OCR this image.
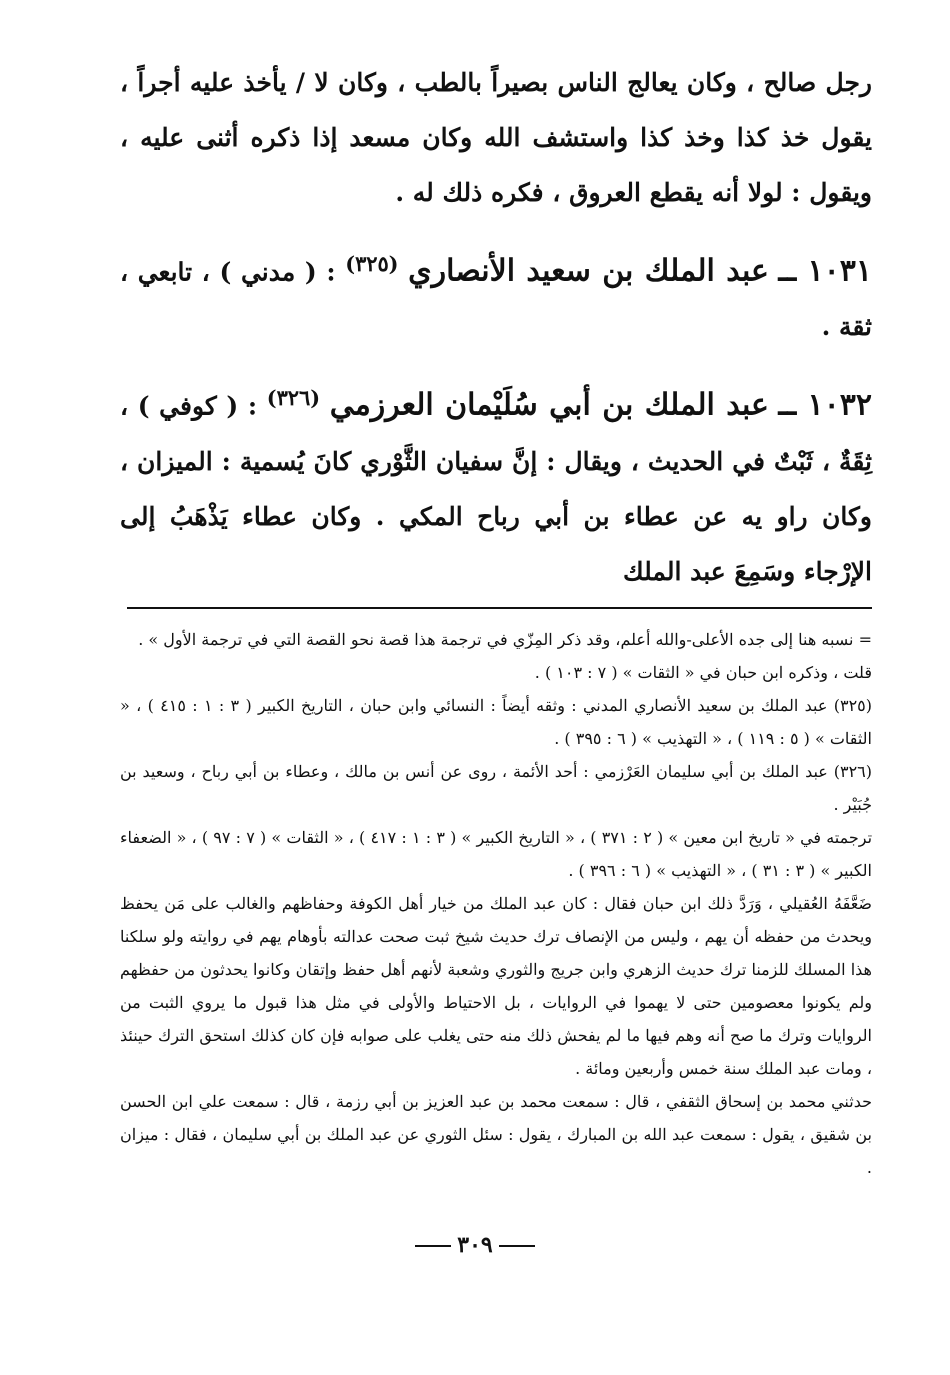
رجل صالح ، وكان يعالج الناس بصيراً بالطب ، وكان لا / يأخذ عليه أجراً ، يقول خذ كذا وخذ كذا واستشف الله وكان مسعد إذا ذكره أثنى عليه ، ويقول : لولا أنه يقطع العروق ، فكره ذلك له .

١٠٣١ ــ عبد الملك بن سعيد الأنصاري $^{(٣٢٥)}$ : ( مدني ) ، تابعي ، ثقة .

١٠٣٢ ــ عبد الملك بن أبي سُلَيْمان العرزمي $^{(٣٢٦)}$ : ( كوفي ) ، ثِقَةٌ ، ثَبْتٌ في الحديث ، ويقال : إنَّ سفيان الثَّوْري كانَ يُسمية : الميزان ، وكان راو يه عن عطاء بن أبي رباح المكي . وكان عطاء يَذْهَبُ إلى الإرْجاء وسَمِعَ عبد الملك

= نسبه هنا إلى جده الأعلى-والله أعلم، وقد ذكر المِزّي في ترجمة هذا قصة نحو القصة التي في ترجمة الأول » .

قلت ، وذكره ابن حبان في « الثقات » ( ٧ : ١٠٣ ) .

(٣٢٥) عبد الملك بن سعيد الأنصاري المدني : وثقه أيضاً : النسائي وابن حبان ، التاريخ الكبير ( ٣ : ١ : ٤١٥ ) ، « الثقات » ( ٥ : ١١٩ ) ، « التهذيب » ( ٦ : ٣٩٥ ) .

(٣٢٦) عبد الملك بن أبي سليمان العَرْزمي : أحد الأئمة ، روى عن أنس بن مالك ، وعطاء بن أبي رباح ، وسعيد بن جُبَيْر .

ترجمته في « تاريخ ابن معين » ( ٢ : ٣٧١ ) ، « التاريخ الكبير » ( ٣ : ١ : ٤١٧ ) ، « الثقات » ( ٧ : ٩٧ ) ، « الضعفاء الكبير » ( ٣ : ٣١ ) ، « التهذيب » ( ٦ : ٣٩٦ ) .

ضَعَّفَهُ العُقيلي ، وَرَدَّ ذلك ابن حبان فقال : كان عبد الملك من خيار أهل الكوفة وحفاظهم والغالب على مَن يحفظ ويحدث من حفظه أن يهم ، وليس من الإنصاف ترك حديث شيخ ثبت صحت عدالته بأوهام يهم في روايته ولو سلكنا هذا المسلك للزمنا ترك حديث الزهري وابن جريج والثوري وشعبة لأنهم أهل حفظ وإتقان وكانوا يحدثون من حفظهم ولم يكونوا معصومين حتى لا يهموا في الروايات ، بل الاحتياط والأولى في مثل هذا قبول ما يروي الثبت من الروايات وترك ما صح أنه وهم فيها ما لم يفحش ذلك منه حتى يغلب على صوابه فإن كان كذلك استحق الترك حينئذ ، ومات عبد الملك سنة خمس وأربعين ومائة .

حدثني محمد بن إسحاق الثقفي ، قال : سمعت محمد بن عبد العزيز بن أبي رزمة ، قال : سمعت علي ابن الحسن بن شقيق ، يقول : سمعت عبد الله بن المبارك ، يقول : سئل الثوري عن عبد الملك بن أبي سليمان ، فقال : ميزان .

٣٠٩
